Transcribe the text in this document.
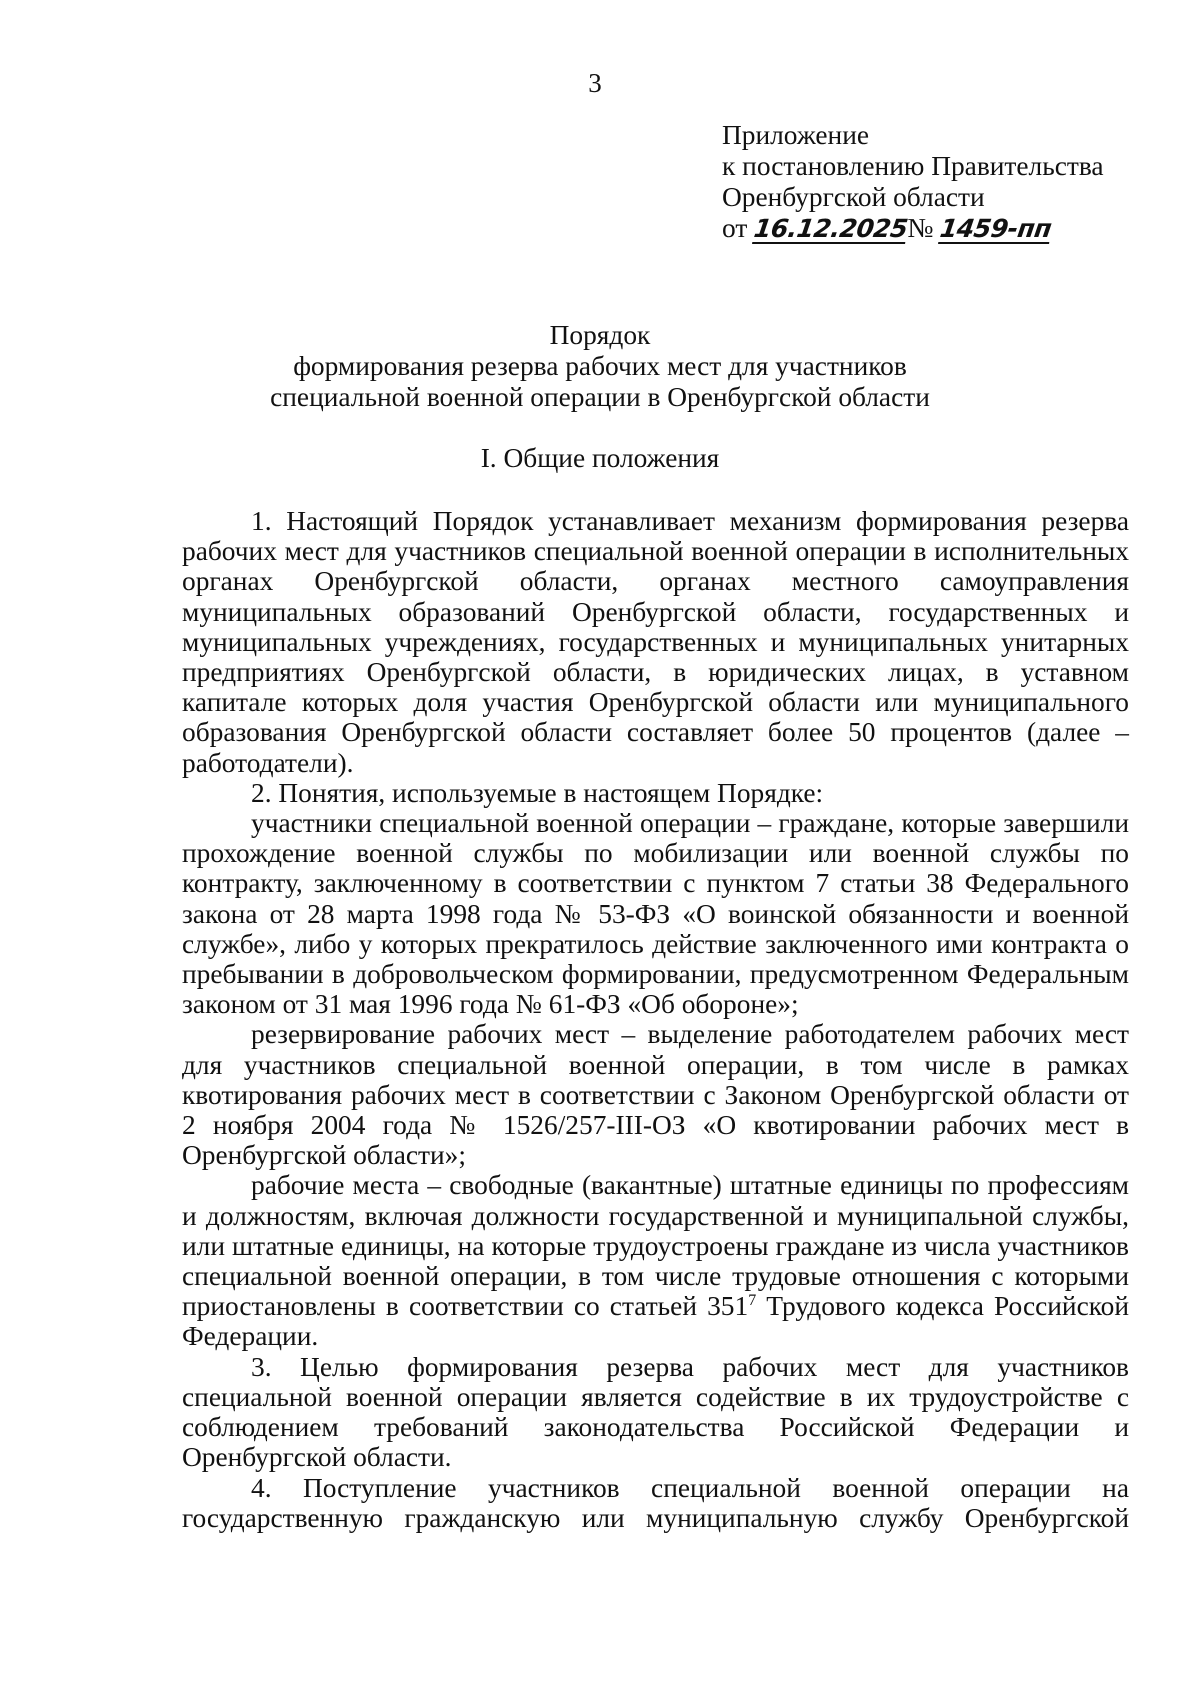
3
Приложение
к постановлению Правительства
Оренбургской области
от 16.12.2025№ 1459-пп
Порядок
формирования резерва рабочих мест для участников
специальной военной операции в Оренбургской области
I. Общие положения

1. Настоящий Порядок устанавливает механизм формирования резерва рабочих мест для участников специальной военной операции в исполнительных органах Оренбургской области, органах местного самоуправления муниципальных образований Оренбургской области, государственных и муниципальных учреждениях, государственных и муниципальных унитарных предприятиях Оренбургской области, в юридических лицах, в уставном капитале которых доля участия Оренбургской области или муниципального образования Оренбургской области составляет более 50 процентов (далее – работодатели).

2. Понятия, используемые в настоящем Порядке:

участники специальной военной операции – граждане, которые завершили прохождение военной службы по мобилизации или военной службы по контракту, заключенному в соответствии с пунктом 7 статьи 38 Федерального закона от 28 марта 1998 года № 53-ФЗ «О воинской обязанности и военной службе», либо у которых прекратилось действие заключенного ими контракта о пребывании в добровольческом формировании, предусмотренном Федеральным законом от 31 мая 1996 года № 61-ФЗ «Об обороне»;

резервирование рабочих мест – выделение работодателем рабочих мест для участников специальной военной операции, в том числе в рамках квотирования рабочих мест в соответствии с Законом Оренбургской области от 2 ноября 2004 года № 1526/257-III-ОЗ «О квотировании рабочих мест в Оренбургской области»;

рабочие места – свободные (вакантные) штатные единицы по профессиям и должностям, включая должности государственной и муниципальной службы, или штатные единицы, на которые трудоустроены граждане из числа участников специальной военной операции, в том числе трудовые отношения с которыми приостановлены в соответствии со статьей $351^7$ Трудового кодекса Российской Федерации.

3. Целью формирования резерва рабочих мест для участников специальной военной операции является содействие в их трудоустройстве с соблюдением требований законодательства Российской Федерации и Оренбургской области.

4. Поступление участников специальной военной операции на государственную гражданскую или муниципальную службу Оренбургской
